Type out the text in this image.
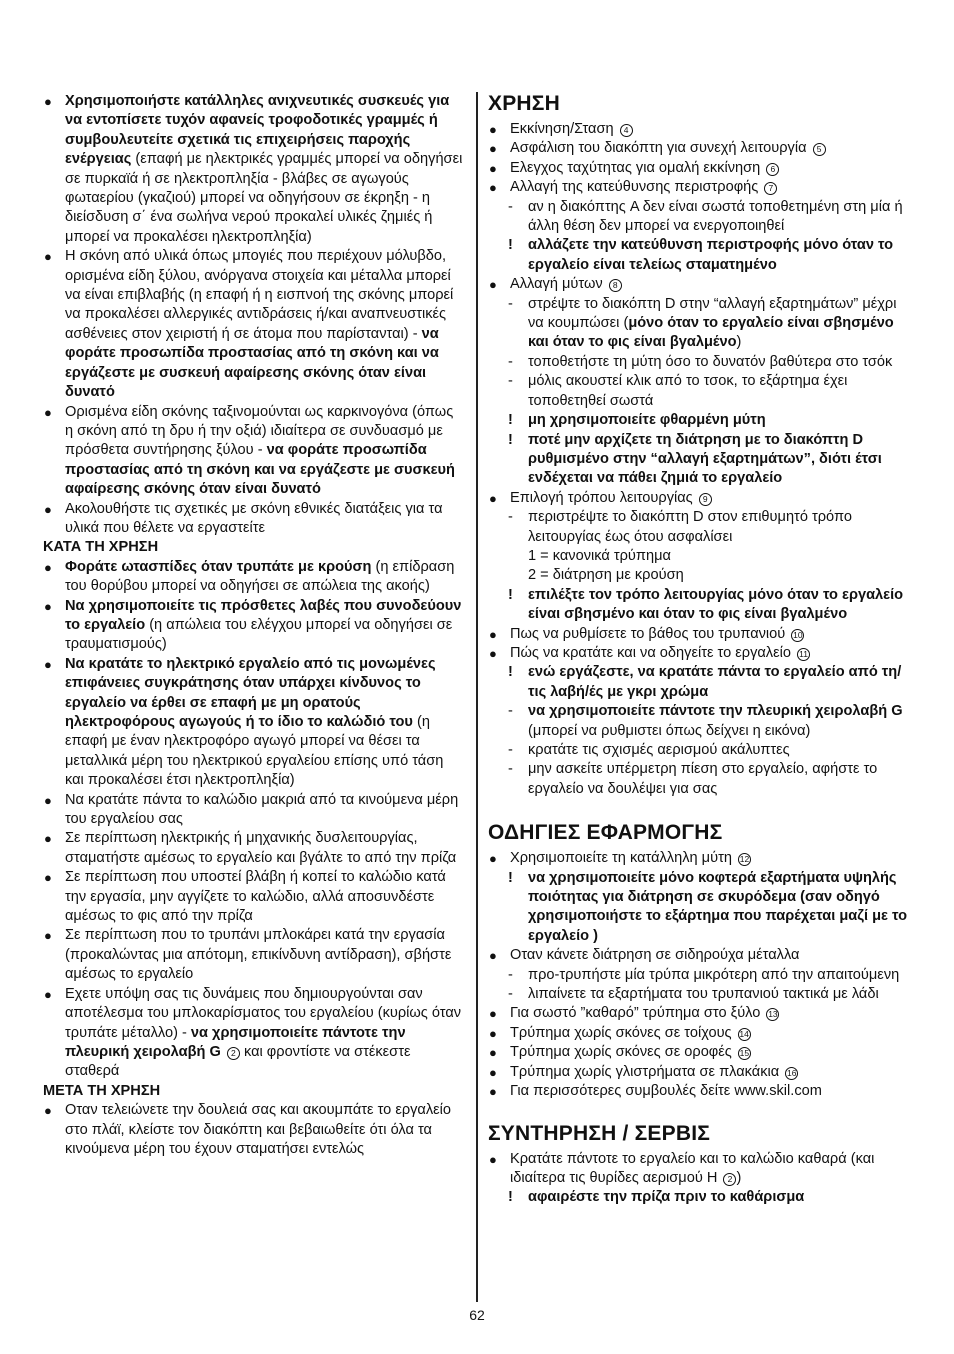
● Χρησιμοποιήστε κατάλληλες ανιχνευτικές συσκευές για να εντοπίσετε τυχόν αφανείς τροφοδοτικές γραμμές ή συμβουλευτείτε σχετικά τις επιχειρήσεις παροχής ενέργειας (επαφή με ηλεκτρικές γραμμές μπορεί να οδηγήσει σε πυρκαϊά ή σε ηλεκτροπληξία - βλάβες σε αγωγούς φωταερίου (γκαζιού) μπορεί να οδηγήσουν σε έκρηξη - η διείσδυση σ΄ ένα σωλήνα νερού προκαλεί υλικές ζημιές ή μπορεί να προκαλέσει ηλεκτροπληξία)

● Η σκόνη από υλικά όπως μπογιές που περιέχουν μόλυβδο, ορισμένα είδη ξύλου, ανόργανα στοιχεία και μέταλλα μπορεί να είναι επιβλαβής (η επαφή ή η εισπνοή της σκόνης μπορεί να προκαλέσει αλλεργικές αντιδράσεις ή/και αναπνευστικές ασθένειες στον χειριστή ή σε άτομα που παρίστανται) - να φοράτε προσωπίδα προστασίας από τη σκόνη και να εργάζεστε με συσκευή αφαίρεσης σκόνης όταν είναι δυνατό

● Ορισμένα είδη σκόνης ταξινομούνται ως καρκινογόνα (όπως η σκόνη από τη δρυ ή την οξιά) ιδιαίτερα σε συνδυασμό με πρόσθετα συντήρησης ξύλου - να φοράτε προσωπίδα προστασίας από τη σκόνη και να εργάζεστε με συσκευή αφαίρεσης σκόνης όταν είναι δυνατό

● Ακολουθήστε τις σχετικές με σκόνη εθνικές διατάξεις για τα υλικά που θέλετε να εργαστείτε

ΚΑΤΑ ΤΗ ΧΡΗΣΗ

● Φοράτε ωτασπίδες όταν τρυπάτε με κρούση (η επίδραση του θορύβου μπορεί να οδηγήσει σε απώλεια της ακοής)

● Να χρησιμοποιείτε τις πρόσθετες λαβές που συνοδεύουν το εργαλείο (η απώλεια του ελέγχου μπορεί να οδηγήσει σε τραυματισμούς)

● Να κρατάτε το ηλεκτρικό εργαλείο από τις μονωμένες επιφάνειες συγκράτησης όταν υπάρχει κίνδυνος το εργαλείο να έρθει σε επαφή με μη ορατούς ηλεκτροφόρους αγωγούς ή το ίδιο το καλώδιό του (η επαφή με έναν ηλεκτροφόρο αγωγό μπορεί να θέσει τα μεταλλικά μέρη του ηλεκτρικού εργαλείου επίσης υπό τάση και προκαλέσει έτσι ηλεκτροπληξία)

● Να κρατάτε πάντα το καλώδιο μακριά από τα κινούμενα μέρη του εργαλείου σας

● Σε περίπτωση ηλεκτρικής ή μηχανικής δυσλειτουργίας, σταματήστε αμέσως το εργαλείο και βγάλτε το από την πρίζα

● Σε περίπτωση που υποστεί βλάβη ή κοπεί το καλώδιο κατά την εργασία, μην αγγίζετε το καλώδιο, αλλά αποσυνδέστε αμέσως το φις από την πρίζα

● Σε περίπτωση που το τρυπάνι μπλοκάρει κατά την εργασία (προκαλώντας μια απότομη, επικίνδυνη αντίδραση), σβήστε αμέσως το εργαλείο

● Εχετε υπόψη σας τις δυνάμεις που δημιουργούνται σαν αποτέλεσμα του μπλοκαρίσματος του εργαλείου (κυρίως όταν τρυπάτε μέταλλο) - να χρησιμοποιείτε πάντοτε την πλευρική χειρολαβή G 2 και φροντίστε να στέκεστε σταθερά

ΜΕΤΑ ΤΗ ΧΡΗΣΗ

● Οταν τελειώνετε την δουλειά σας και ακουμπάτε το εργαλείο στο πλάϊ, κλείστε τον διακόπτη και βεβαιωθείτε ότι όλα τα κινούμενα μέρη του έχουν σταματήσει εντελώς

ΧΡΗΣΗ

● Εκκίνηση/Σταση 4

● Ασφάλιση του διακόπτη για συνεχή λειτουργία 5

● Ελεγχος ταχύτητας για ομαλή εκκίνηση 6

● Αλλαγή της κατεύθυνσης περιστροφής 7

-	αν η διακόπτης A δεν είναι σωστά τοποθετημένη στη μία ή άλλη θέση δεν μπορεί να ενεργοποιηθεί

!	αλλάζετε την κατεύθυνση περιστροφής μόνο όταν το εργαλείο είναι τελείως σταματημένο

● Αλλαγή μύτων 8

-	στρέψτε το διακόπτη D στην “αλλαγή εξαρτημάτων” μέχρι να κουμπώσει (μόνο όταν το εργαλείο είναι σβησμένο και όταν το φις είναι βγαλμένο)

-	τοποθετήστε τη μύτη όσο το δυνατόν βαθύτερα στο τσόκ

-	μόλις ακουστεί κλικ από το τσοκ, το εξάρτημα έχει τοποθετηθεί σωστά

!	μη χρησιμοποιείτε φθαρμένη μύτη

!	ποτέ μην αρχίζετε τη διάτρηση με το διακόπτη D ρυθμισμένο στην “αλλαγή εξαρτημάτων”, διότι έτσι ενδέχεται να πάθει ζημιά το εργαλείο

● Επιλογή τρόπου λειτουργίας 9

-	περιστρέψτε το διακόπτη D στον επιθυμητό τρόπο λειτουργίας έως ότου ασφαλίσει

1 = κανονικά τρύπημα

2 = διάτρηση με κρούση

!	επιλέξτε τον τρόπο λειτουργίας μόνο όταν το εργαλείο είναι σβησμένο και όταν το φις είναι βγαλμένο

● Πως να ρυθμίσετε το βάθος του τρυπανιού 10

● Πώς να κρατάτε και να οδηγείτε το εργαλείο 11

!	ενώ εργάζεστε, να κρατάτε πάντα το εργαλείο από τη/τις λαβή/ές με γκρι χρώμα

-	να χρησιμοποιείτε πάντοτε την πλευρική χειρολαβή G (μπορεί να ρυθμιστει όπως δείχνει η εικόνα)

-	κρατάτε τις σχισμές αερισμού ακάλυπτες

-	μην ασκείτε υπέρμετρη πίεση στο εργαλείο, αφήστε το εργαλείο να δουλέψει για σας

ΟΔΗΓΙΕΣ ΕΦΑΡΜΟΓΗΣ

● Χρησιμοποιείτε τη κατάλληλη μύτη 12

!	να χρησιμοποιείτε μόνο κοφτερά εξαρτήματα υψηλής ποιότητας για διάτρηση σε σκυρόδεμα (σαν οδηγό χρησιμοποιήστε το εξάρτημα που παρέχεται μαζί με το εργαλείο )

● Οταν κάνετε διάτρηση σε σιδηρούχα μέταλλα

-	προ-τρυπήστε μία τρύπα μικρότερη από την απαιτούμενη

-	λιπαίνετε τα εξαρτήματα του τρυπανιού τακτικά με λάδι

● Για σωστό ”καθαρό” τρύπημα στο ξύλο 13

● Τρύπημα χωρίς σκόνες σε τοίχους 14

● Τρύπημα χωρίς σκόνες σε οροφές 15

● Τρύπημα χωρίς γλιστρήματα σε πλακάκια 16

● Για περισσότερες συμβουλές δείτε www.skil.com

ΣΥΝΤΗΡΗΣΗ / ΣΕΡΒΙΣ

● Κρατάτε πάντοτε το εργαλείο και το καλώδιο καθαρά (και ιδιαίτερα τις θυρίδες αερισμού H 2 )

!	αφαιρέστε την πρίζα πριν το καθάρισμα

62
